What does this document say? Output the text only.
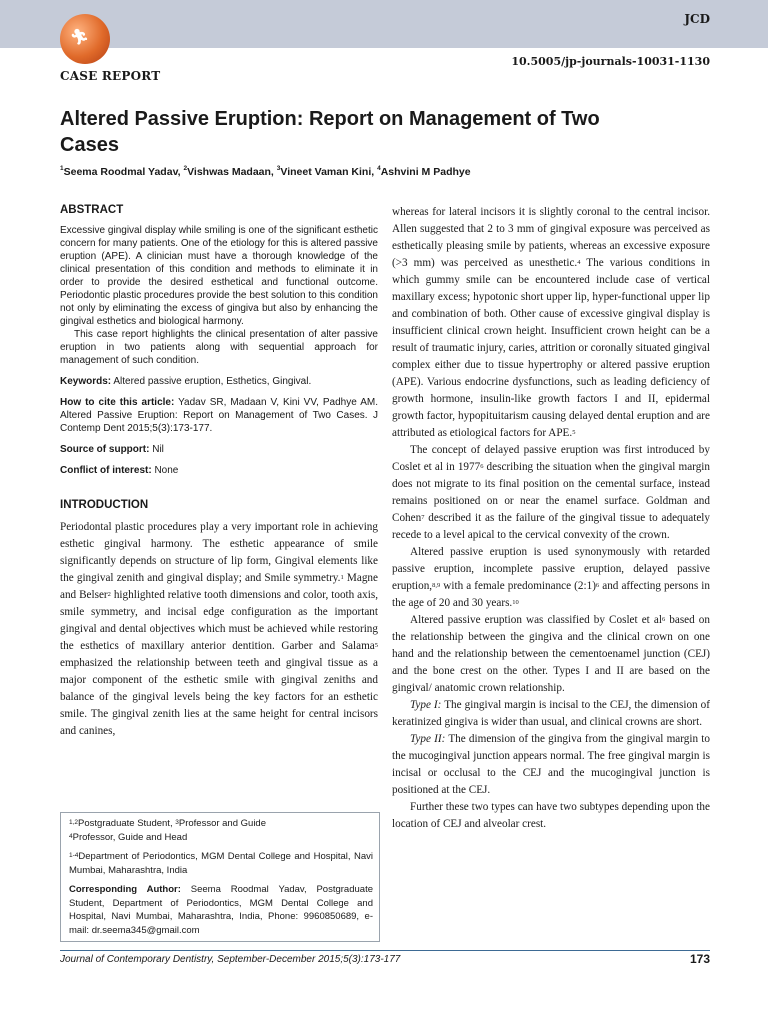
🏃︎
JCD
CASE REPORT
10.5005/jp-journals-10031-1130
Altered Passive Eruption: Report on Management of Two Cases
$^1$Seema Roodmal Yadav, $^2$Vishwas Madaan, $^3$Vineet Vaman Kini, $^4$Ashvini M Padhye
ABSTRACT

Excessive gingival display while smiling is one of the significant esthetic concern for many patients. One of the etiology for this is altered passive eruption (APE). A clinician must have a thorough knowledge of the clinical presentation of this condition and methods to eliminate it in order to provide the desired esthetical and functional outcome. Periodontic plastic procedures provide the best solution to this condition not only by eliminating the excess of gingiva but also by enhancing the gingival esthetics and biological harmony.

This case report highlights the clinical presentation of alter passive eruption in two patients along with sequential approach for management of such condition.

Keywords: Altered passive eruption, Esthetics, Gingival.

How to cite this article: Yadav SR, Madaan V, Kini VV, Padhye AM. Altered Passive Eruption: Report on Management of Two Cases. J Contemp Dent 2015;5(3):173-177.

Source of support: Nil

Conflict of interest: None

INTRODUCTION

Periodontal plastic procedures play a very important role in achieving esthetic gingival harmony. The esthetic appearance of smile significantly depends on structure of lip form, Gingival elements like the gingival zenith and gingival display; and Smile symmetry.$^1$ Magne and Belser$^2$ highlighted relative tooth dimensions and color, tooth axis, smile symmetry, and incisal edge configuration as the important gingival and dental objectives which must be achieved while restoring the esthetics of maxillary anterior dentition. Garber and Salama$^5$ emphasized the relationship between teeth and gingival tissue as a major component of the esthetic smile with gingival zeniths and balance of the gingival levels being the key factors for an esthetic smile. The gingival zenith lies at the same height for central incisors and canines,

whereas for lateral incisors it is slightly coronal to the central incisor. Allen suggested that 2 to 3 mm of gingival exposure was perceived as esthetically pleasing smile by patients, whereas an excessive exposure (>3 mm) was perceived as unesthetic.$^4$ The various conditions in which gummy smile can be encountered include case of vertical maxillary excess; hypotonic short upper lip, hyper-functional upper lip and combination of both. Other cause of excessive gingival display is insufficient clinical crown height. Insufficient crown height can be a result of traumatic injury, caries, attrition or coronally situated gingival complex either due to tissue hypertrophy or altered passive eruption (APE). Various endocrine dysfunctions, such as leading deficiency of growth hormone, insulin-like growth factors I and II, epidermal growth factor, hypopituitarism causing delayed dental eruption and are attributed as etiological factors for APE.$^5$

The concept of delayed passive eruption was first introduced by Coslet et al in 1977$^6$ describing the situation when the gingival margin does not migrate to its final position on the cemental surface, instead remains positioned on or near the enamel surface. Goldman and Cohen$^7$ described it as the failure of the gingival tissue to adequately recede to a level apical to the cervical convexity of the crown.

Altered passive eruption is used synonymously with retarded passive eruption, incomplete passive eruption, delayed passive eruption,$^{8,9}$ with a female predominance (2:1)$^6$ and affecting persons in the age of 20 and 30 years.$^{10}$

Altered passive eruption was classified by Coslet et $al^6$ based on the relationship between the gingiva and the clinical crown on one hand and the relationship between the cementoenamel junction (CEJ) and the bone crest on the other. Types I and II are based on the gingival/ anatomic crown relationship.

Type I: The gingival margin is incisal to the CEJ, the dimension of keratinized gingiva is wider than usual, and clinical crowns are short.

Type II: The dimension of the gingiva from the gingival margin to the mucogingival junction appears normal. The free gingival margin is incisal or occlusal to the CEJ and the mucogingival junction is positioned at the CEJ.

Further these two types can have two subtypes depending upon the location of CEJ and alveolar crest.

$^{1,2}$Postgraduate Student, $^3$Professor and Guide
$^4$Professor, Guide and Head

$^{1-4}$Department of Periodontics, MGM Dental College and Hospital, Navi Mumbai, Maharashtra, India

Corresponding Author: Seema Roodmal Yadav, Postgraduate Student, Department of Periodontics, MGM Dental College and Hospital, Navi Mumbai, Maharashtra, India, Phone: 9960850689, e-mail: dr.seema345@gmail.com

Journal of Contemporary Dentistry, September-December 2015;5(3):173-177	173
